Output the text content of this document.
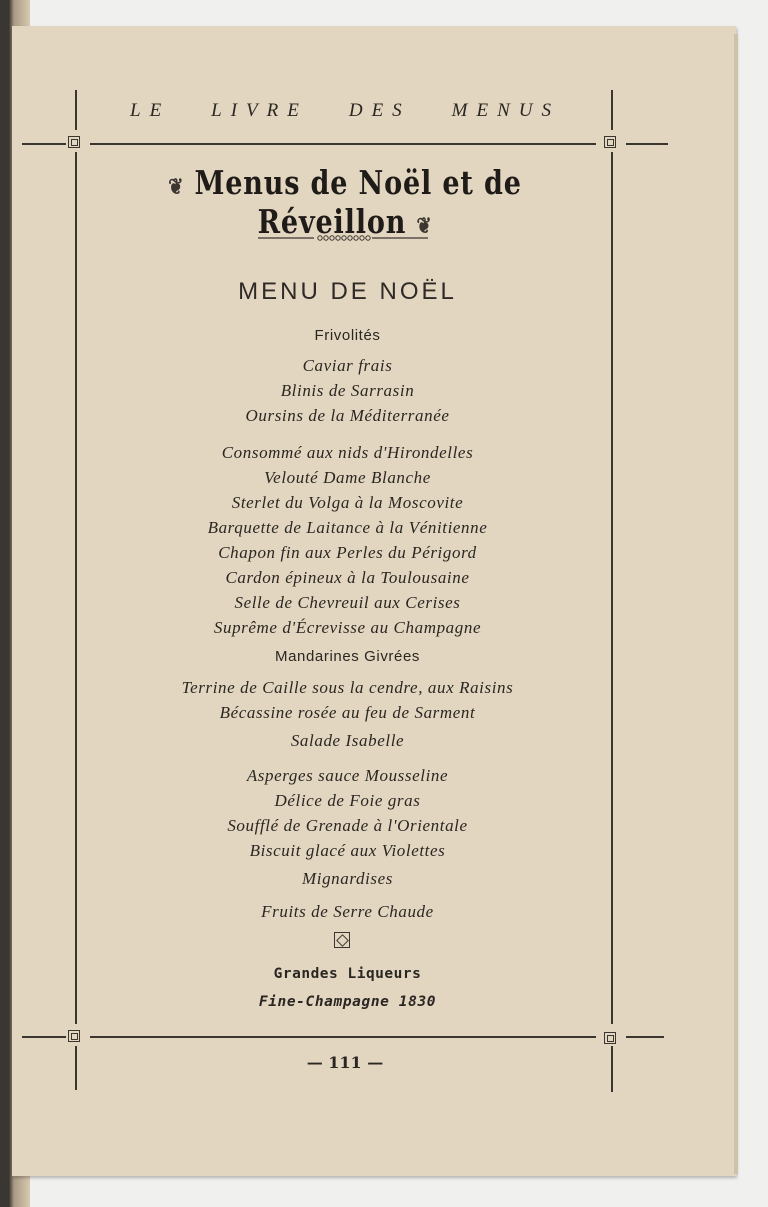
LE LIVRE DES MENUS
❦ Menus de Noël et de Réveillon ❦
MENU DE NOËL
Frivolités
Caviar frais
Blinis de Sarrasin
Oursins de la Méditerranée
Consommé aux nids d'Hirondelles
Velouté Dame Blanche
Sterlet du Volga à la Moscovite
Barquette de Laitance à la Vénitienne
Chapon fin aux Perles du Périgord
Cardon épineux à la Toulousaine
Selle de Chevreuil aux Cerises
Suprême d'Écrevisse au Champagne
Mandarines Givrées
Terrine de Caille sous la cendre, aux Raisins
Bécassine rosée au feu de Sarment
Salade Isabelle
Asperges sauce Mousseline
Délice de Foie gras
Soufflé de Grenade à l'Orientale
Biscuit glacé aux Violettes
Mignardises
Fruits de Serre Chaude
Grandes Liqueurs
Fine-Champagne 1830
— 111 —
